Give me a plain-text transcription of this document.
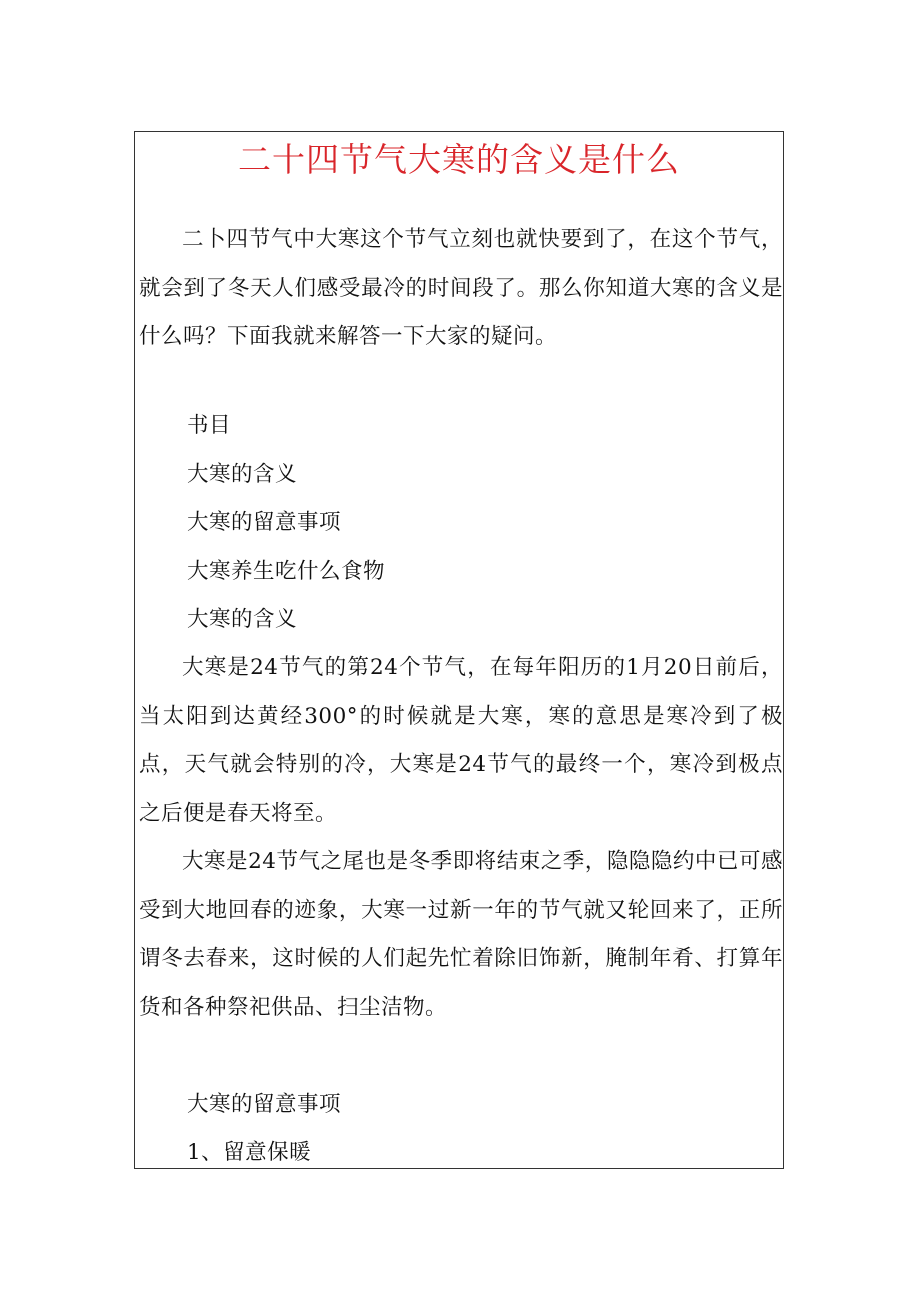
二十四节气大寒的含义是什么

二卜四节气中大寒这个节气立刻也就快要到了，在这个节气，就会到了冬天人们感受最冷的时间段了。那么你知道大寒的含义是什么吗？下面我就来解答一下大家的疑问。

书目

大寒的含义

大寒的留意事项

大寒养生吃什么食物

大寒的含义

大寒是24节气的第24个节气，在每年阳历的1月20日前后，当太阳到达黄经300°的时候就是大寒，寒的意思是寒冷到了极点，天气就会特别的冷，大寒是24节气的最终一个，寒冷到极点之后便是春天将至。

大寒是24节气之尾也是冬季即将结束之季，隐隐隐约中已可感受到大地回春的迹象，大寒一过新一年的节气就又轮回来了，正所谓冬去春来，这时候的人们起先忙着除旧饰新，腌制年肴、打算年货和各种祭祀供品、扫尘洁物。

大寒的留意事项

1、留意保暖
